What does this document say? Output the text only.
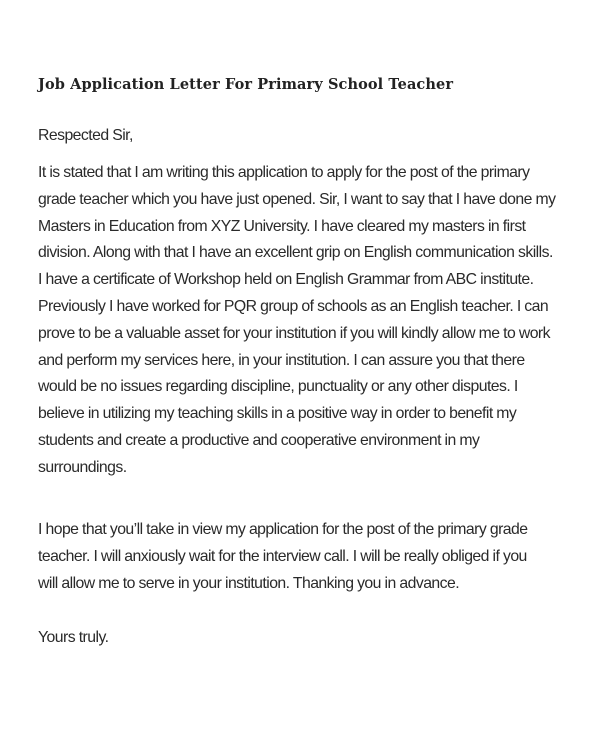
Job Application Letter For Primary School Teacher
Respected Sir,
It is stated that I am writing this application to apply for the post of the primary
grade teacher which you have just opened. Sir, I want to say that I have done my
Masters in Education from XYZ University. I have cleared my masters in first
division. Along with that I have an excellent grip on English communication skills.
I have a certificate of Workshop held on English Grammar from ABC institute.
Previously I have worked for PQR group of schools as an English teacher. I can
prove to be a valuable asset for your institution if you will kindly allow me to work
and perform my services here, in your institution. I can assure you that there
would be no issues regarding discipline, punctuality or any other disputes. I
believe in utilizing my teaching skills in a positive way in order to benefit my
students and create a productive and cooperative environment in my
surroundings.
I hope that you’ll take in view my application for the post of the primary grade
teacher. I will anxiously wait for the interview call. I will be really obliged if you
will allow me to serve in your institution. Thanking you in advance.
Yours truly.
